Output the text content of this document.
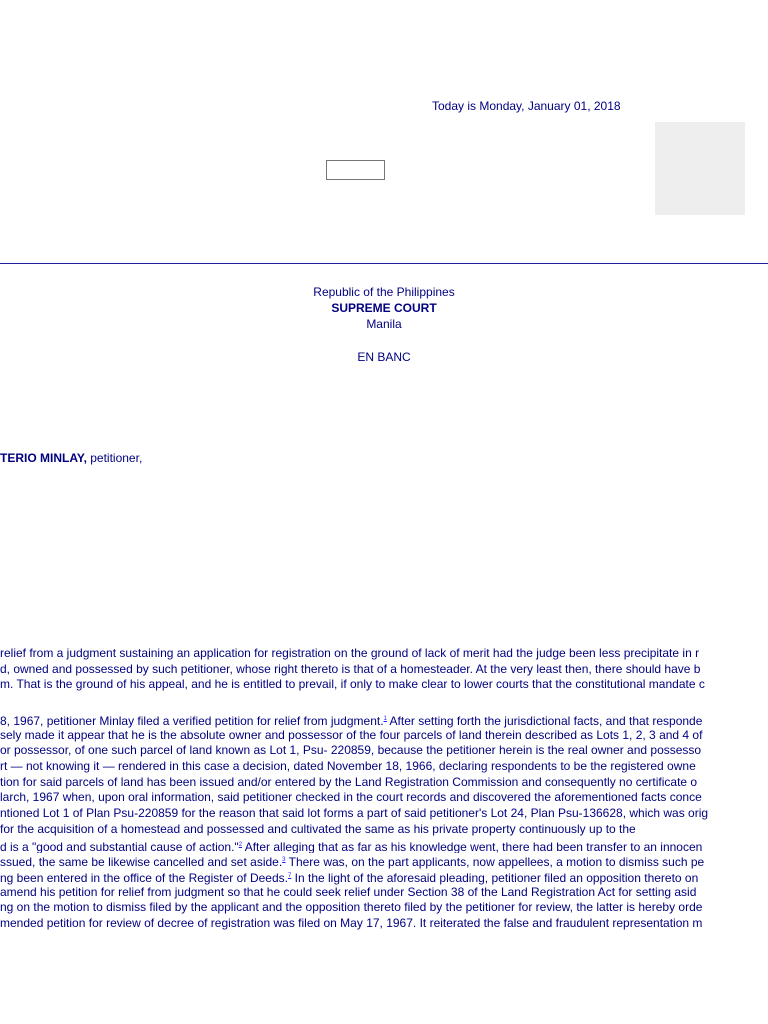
Today is Monday, January 01, 2018
Republic of the Philippines
SUPREME COURT
Manila
EN BANC
TERIO MINLAY, petitioner,
relief from a judgment sustaining an application for registration on the ground of lack of merit had the judge been less precipitate in r
d, owned and possessed by such petitioner, whose right thereto is that of a homesteader. At the very least then, there should have b
m. That is the ground of his appeal, and he is entitled to prevail, if only to make clear to lower courts that the constitutional mandate c
8, 1967, petitioner Minlay filed a verified petition for relief from judgment.$^1$ After setting forth the jurisdictional facts, and that responde
sely made it appear that he is the absolute owner and possessor of the four parcels of land therein described as Lots 1, 2, 3 and 4 of
or possessor, of one such parcel of land known as Lot 1, Psu- 220859, because the petitioner herein is the real owner and possesso
rt — not knowing it — rendered in this case a decision, dated November 18, 1966, declaring respondents to be the registered owne
tion for said parcels of land has been issued and/or entered by the Land Registration Commission and consequently no certificate o
larch, 1967 when, upon oral information, said petitioner checked in the court records and discovered the aforementioned facts conce
ntioned Lot 1 of Plan Psu-220859 for the reason that said lot forms a part of said petitioner's Lot 24, Plan Psu-136628, which was orig
for the acquisition of a homestead and possessed and cultivated the same as his private property continuously up to the
d is a "good and substantial cause of action."$^2$ After alleging that as far as his knowledge went, there had been transfer to an innocen
ssued, the same be likewise cancelled and set aside.$^3$ There was, on the part applicants, now appellees, a motion to dismiss such pe
ng been entered in the office of the Register of Deeds.$^7$ In the light of the aforesaid pleading, petitioner filed an opposition thereto on
amend his petition for relief from judgment so that he could seek relief under Section 38 of the Land Registration Act for setting asid
ng on the motion to dismiss filed by the applicant and the opposition thereto filed by the petitioner for review, the latter is hereby orde
mended petition for review of decree of registration was filed on May 17, 1967. It reiterated the false and fraudulent representation m
